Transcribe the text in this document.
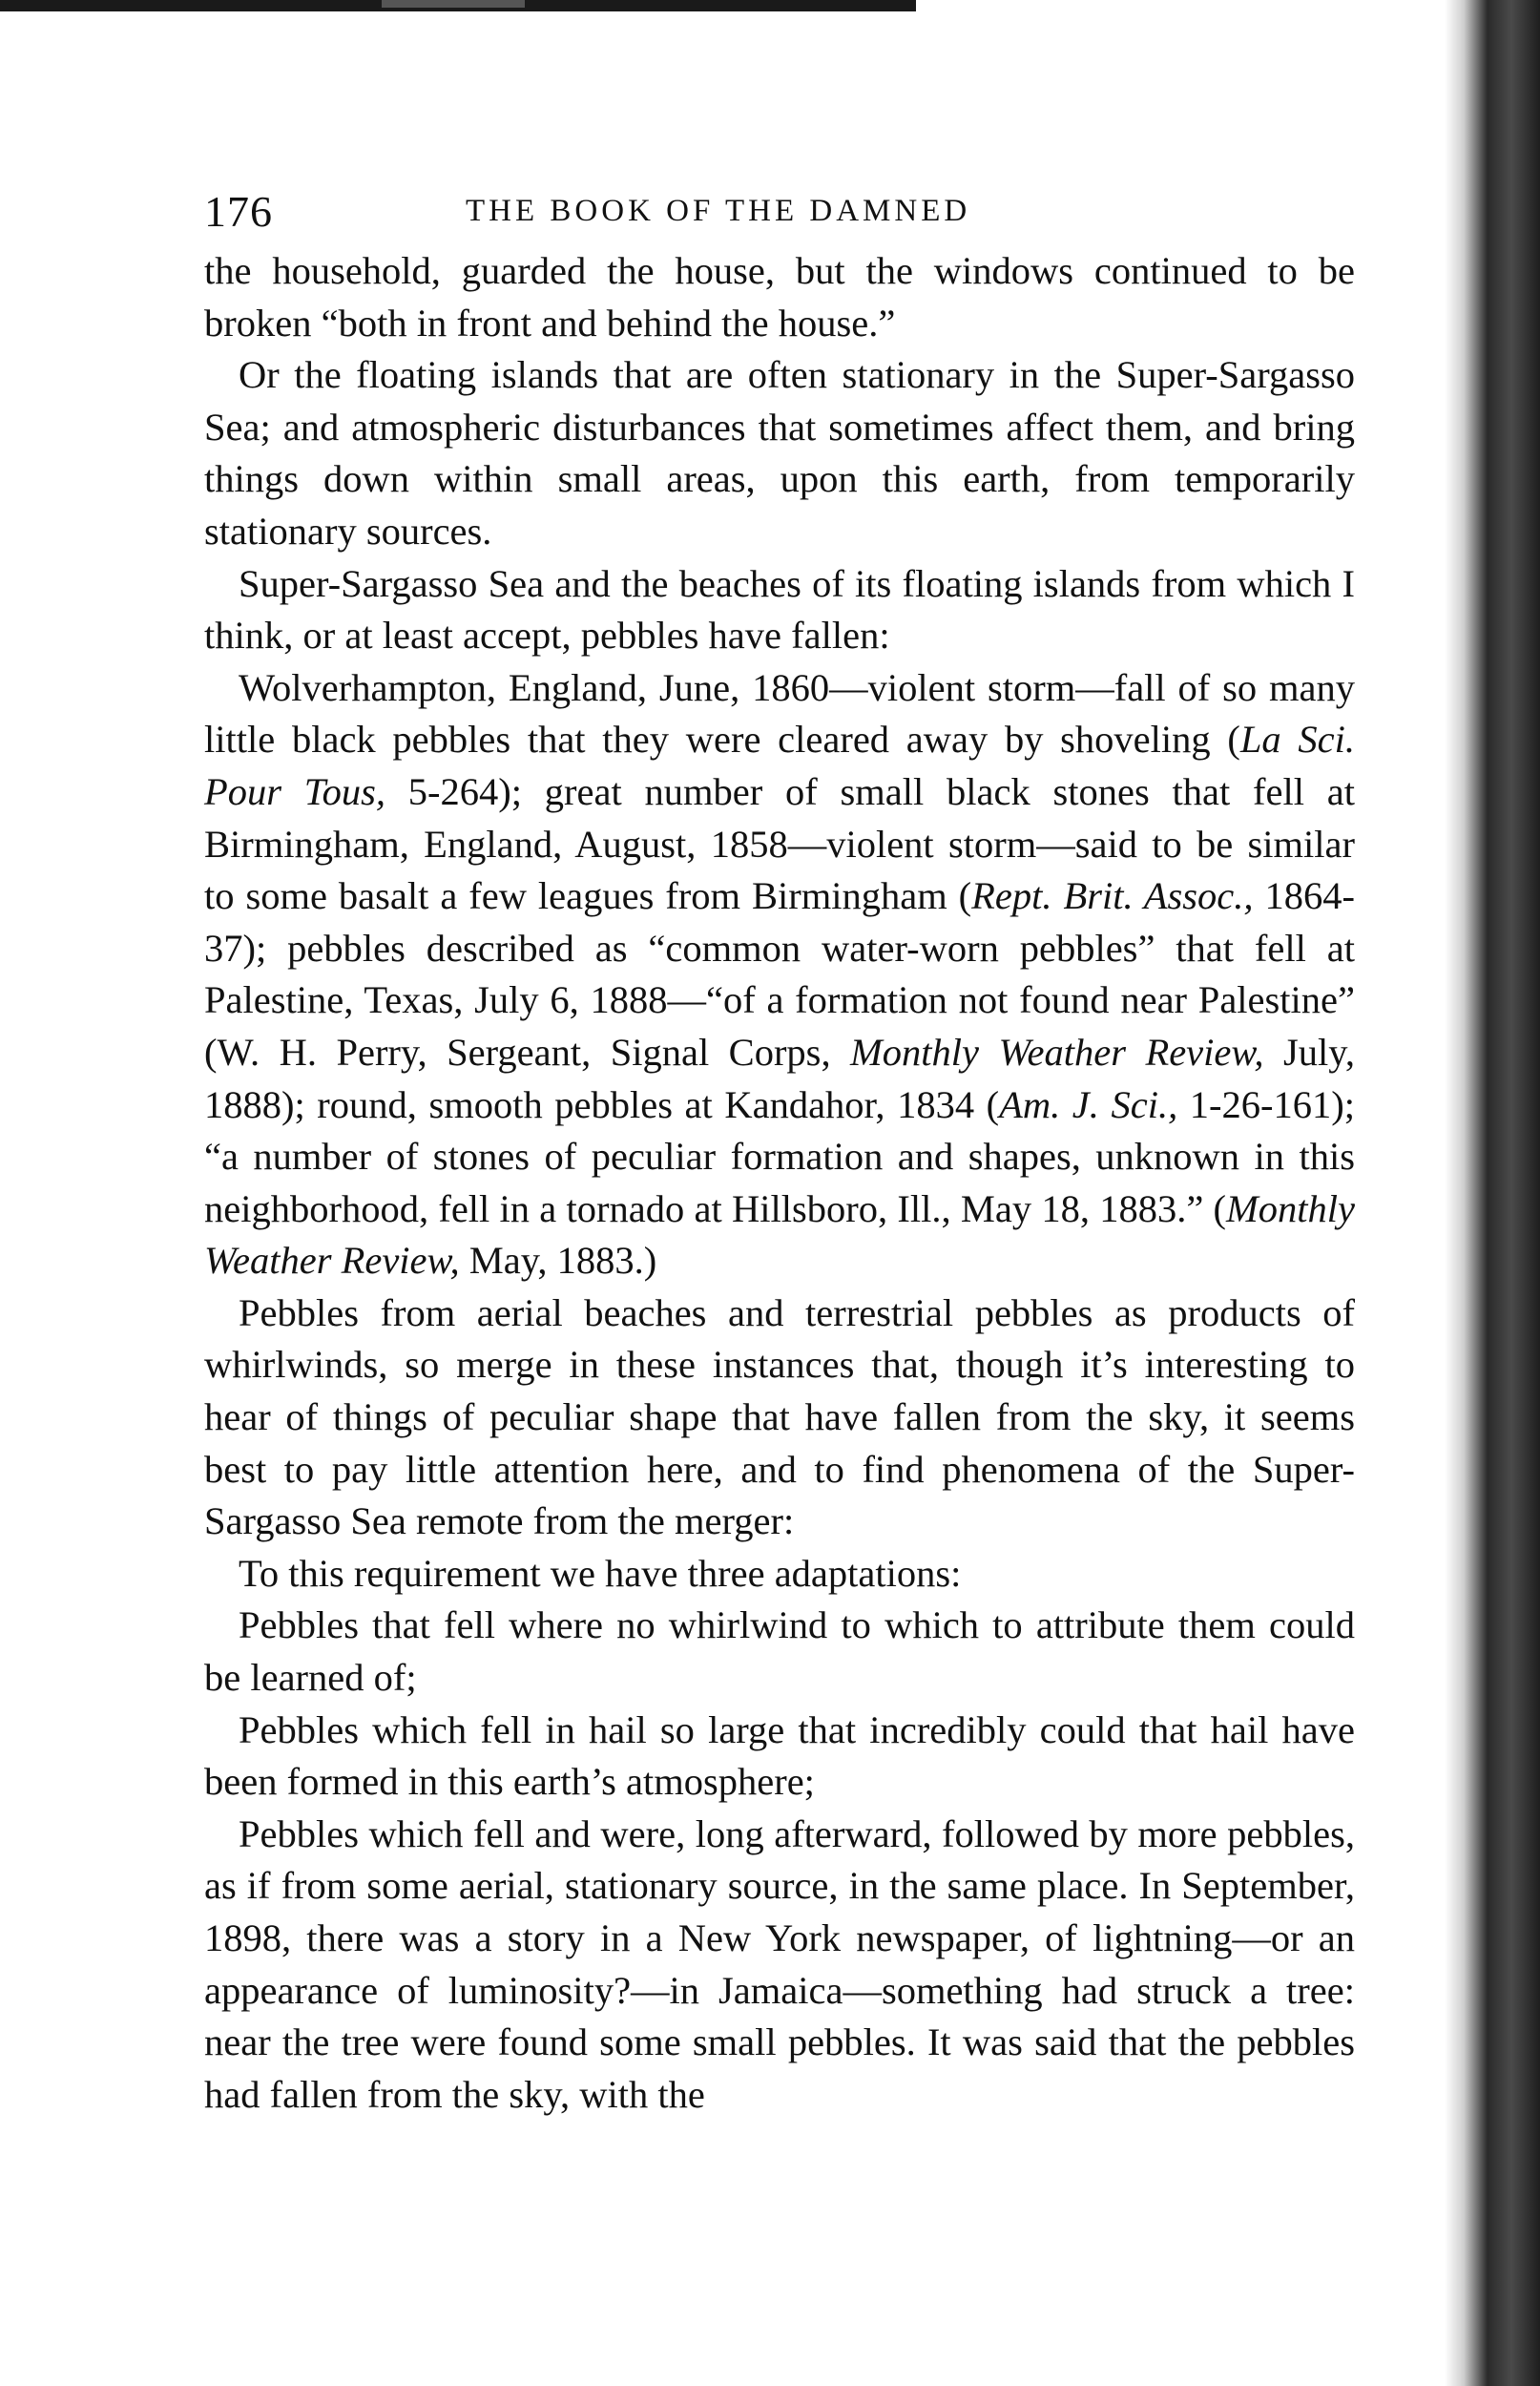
176	THE BOOK OF THE DAMNED

the household, guarded the house, but the windows continued to be broken “both in front and behind the house.”

Or the floating islands that are often stationary in the Super-Sargasso Sea; and atmospheric disturbances that sometimes affect them, and bring things down within small areas, upon this earth, from temporarily stationary sources.

Super-Sargasso Sea and the beaches of its floating islands from which I think, or at least accept, pebbles have fallen:

Wolverhampton, England, June, 1860—violent storm—fall of so many little black pebbles that they were cleared away by shoveling (La Sci. Pour Tous, 5-264); great number of small black stones that fell at Birmingham, England, August, 1858—violent storm—said to be similar to some basalt a few leagues from Birmingham (Rept. Brit. Assoc., 1864-37); pebbles described as “common water-worn pebbles” that fell at Palestine, Texas, July 6, 1888—“of a formation not found near Palestine” (W. H. Perry, Sergeant, Signal Corps, Monthly Weather Review, July, 1888); round, smooth pebbles at Kandahor, 1834 (Am. J. Sci., 1-26-161); “a number of stones of peculiar formation and shapes, unknown in this neighborhood, fell in a tornado at Hillsboro, Ill., May 18, 1883.” (Monthly Weather Review, May, 1883.)

Pebbles from aerial beaches and terrestrial pebbles as products of whirlwinds, so merge in these instances that, though it’s interesting to hear of things of peculiar shape that have fallen from the sky, it seems best to pay little attention here, and to find phenomena of the Super-Sargasso Sea remote from the merger:

To this requirement we have three adaptations:

Pebbles that fell where no whirlwind to which to attribute them could be learned of;

Pebbles which fell in hail so large that incredibly could that hail have been formed in this earth’s atmosphere;

Pebbles which fell and were, long afterward, followed by more pebbles, as if from some aerial, stationary source, in the same place. In September, 1898, there was a story in a New York newspaper, of lightning—or an appearance of luminosity?—in Jamaica—something had struck a tree: near the tree were found some small pebbles. It was said that the pebbles had fallen from the sky, with the
